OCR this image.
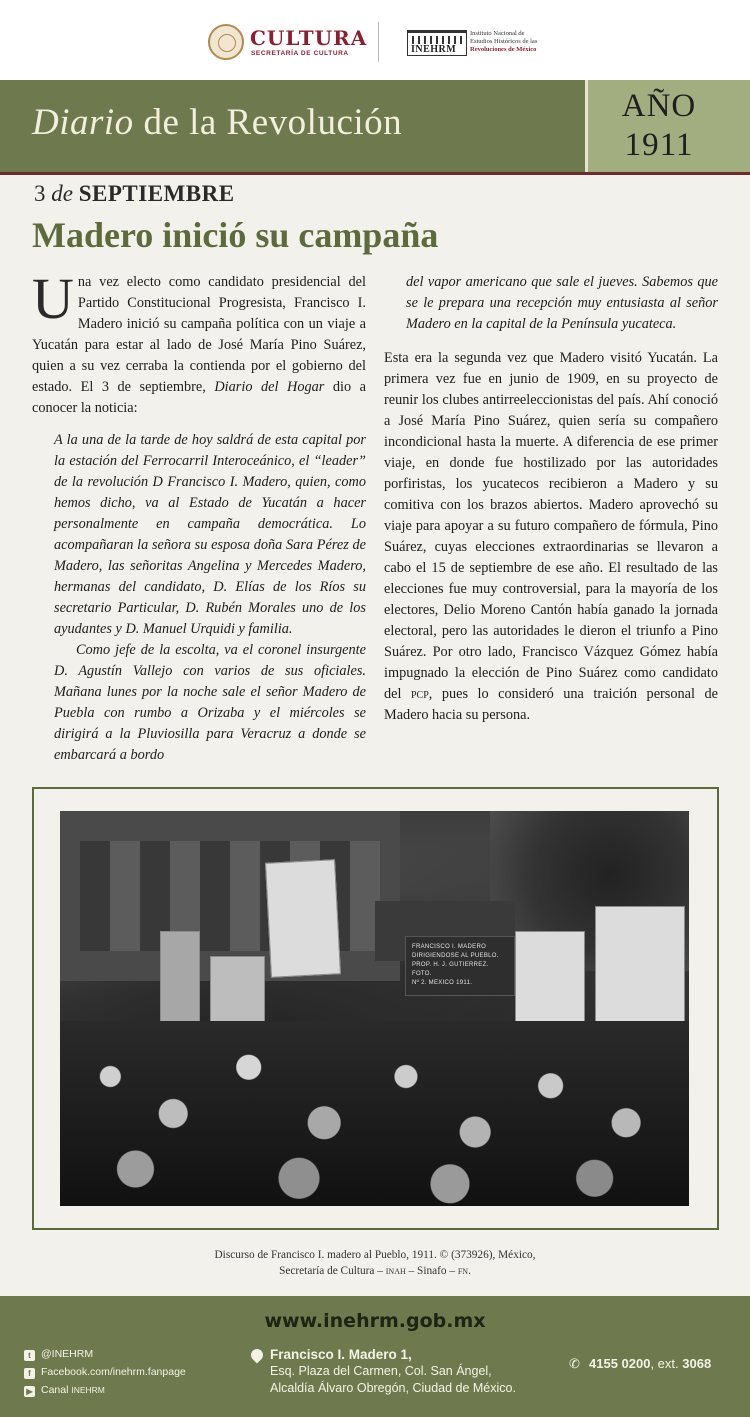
CULTURA
SECRETARÍA DE CULTURA	INEHRM
Instituto Nacional de
Estudios Históricos de las
Revoluciones de México
Diario de la Revolución	AÑO
1911
3 de SEPTIEMBRE
Madero inició su campaña

Una vez electo como candidato presidencial del Partido Constitucional Progresista, Francisco I. Madero inició su campaña política con un viaje a Yucatán para estar al lado de José María Pino Suárez, quien a su vez cerraba la contienda por el gobierno del estado. El 3 de septiembre, Diario del Hogar dio a conocer la noticia:

A la una de la tarde de hoy saldrá de esta capital por la estación del Ferrocarril Interoceánico, el “leader” de la revolución D Francisco I. Madero, quien, como hemos dicho, va al Estado de Yucatán a hacer personalmente en campaña democrática. Lo acompañaran la señora su esposa doña Sara Pérez de Madero, las señoritas Angelina y Mercedes Madero, hermanas del candidato, D. Elías de los Ríos su secretario Particular, D. Rubén Morales uno de los ayudantes y D. Manuel Urquidi y familia.

Como jefe de la escolta, va el coronel insurgente D. Agustín Vallejo con varios de sus oficiales. Mañana lunes por la noche sale el señor Madero de Puebla con rumbo a Orizaba y el miércoles se dirigirá a la Pluviosilla para Veracruz a donde se embarcará a bordo

del vapor americano que sale el jueves. Sabemos que se le prepara una recepción muy entusiasta al señor Madero en la capital de la Península yucateca.

Esta era la segunda vez que Madero visitó Yucatán. La primera vez fue en junio de 1909, en su proyecto de reunir los clubes antirreeleccionistas del país. Ahí conoció a José María Pino Suárez, quien sería su compañero incondicional hasta la muerte. A diferencia de ese primer viaje, en donde fue hostilizado por las autoridades porfiristas, los yucatecos recibieron a Madero y su comitiva con los brazos abiertos. Madero aprovechó su viaje para apoyar a su futuro compañero de fórmula, Pino Suárez, cuyas elecciones extraordinarias se llevaron a cabo el 15 de septiembre de ese año. El resultado de las elecciones fue muy controversial, para la mayoría de los electores, Delio Moreno Cantón había ganado la jornada electoral, pero las autoridades le dieron el triunfo a Pino Suárez. Por otro lado, Francisco Vázquez Gómez había impugnado la elección de Pino Suárez como candidato del pcp, pues lo consideró una traición personal de Madero hacia su persona.

FRANCISCO I. MADERO
DIRIGIENDOSE AL PUEBLO.
PROP. H. J. GUTIERREZ. FOTO.
Nº 2. MEXICO 1911.
Discurso de Francisco I. madero al Pueblo, 1911. © (373926), México,
Secretaría de Cultura – inah – Sinafo – fn.
www.inehrm.gob.mx
t @INEHRM
f Facebook.com/inehrm.fanpage
▶ Canal INEHRM
Francisco I. Madero 1,
Esq. Plaza del Carmen, Col. San Ángel,
Alcaldía Álvaro Obregón, Ciudad de México.
✆ 4155 0200, ext. 3068
